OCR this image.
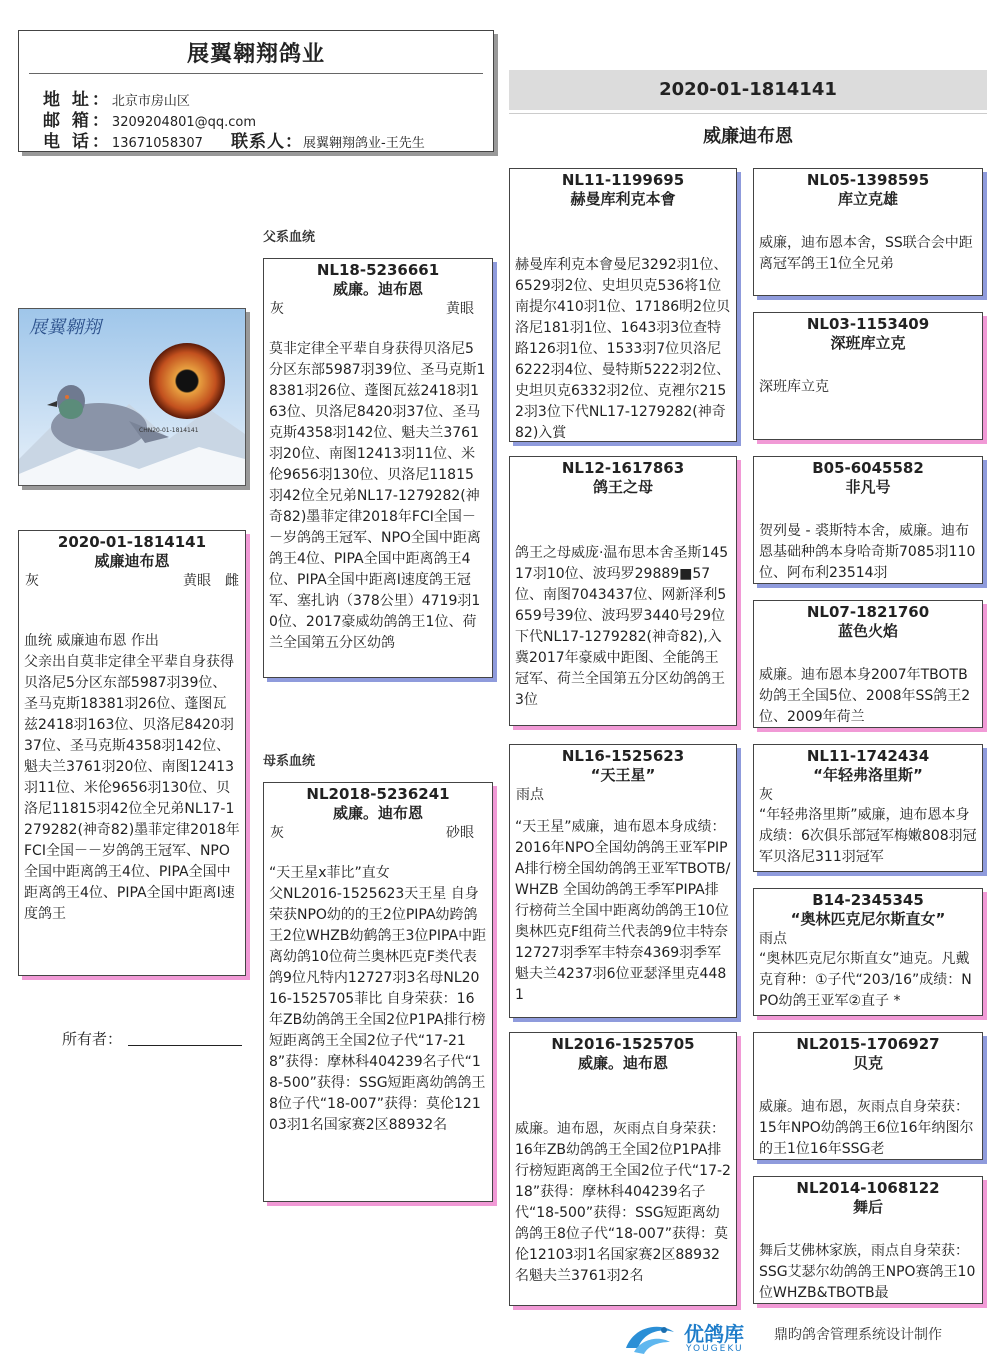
展翼翱翔鸽业
地 址：北京市房山区
邮 箱：3209204801@qq.com
电 话：13671058307 联系人：展翼翱翔鸽业-王先生
2020-01-1814141
威廉迪布恩
展翼翱翔
CHN20-01-1814141
2020-01-1814141
威廉迪布恩
灰	黄眼 雌
血统 威廉迪布恩 作出
父亲出自莫非定律全平辈自身获得贝洛尼5分区东部5987羽39位、圣马克斯18381羽26位、蓬图瓦兹2418羽163位、贝洛尼8420羽37位、圣马克斯4358羽142位、魁夫兰3761羽20位、南图12413羽11位、米伦9656羽130位、贝洛尼11815羽42位全兄弟NL17-1279282(神奇82)墨菲定律2018年FCI全国－－岁鸽鸽王冠军、NPO全国中距离鸽王4位、PIPA全国中距离鸽王4位、PIPA全国中距离I速度鸽王
所有者：
父系血统
母系血统
NL18-5236661
威廉。迪布恩
灰	黄眼
莫非定律全平辈自身获得贝洛尼5分区东部5987羽39位、圣马克斯18381羽26位、蓬图瓦兹2418羽163位、贝洛尼8420羽37位、圣马克斯4358羽142位、魁夫兰3761羽20位、南图12413羽11位、米伦9656羽130位、贝洛尼11815羽42位全兄弟NL17-1279282(神奇82)墨菲定律2018年FCI全国－－岁鸽鸽王冠军、NPO全国中距离鸽王4位、PIPA全国中距离鸽王4位、PIPA全国中距离I速度鸽王冠军、塞扎讷（378公里）4719羽10位、2017豪威幼鸽鸽王1位、荷兰全国第五分区幼鸽
NL2018-5236241
威廉。迪布恩
灰	砂眼
“天王星x菲比”直女
父NL2016-1525623天王星 自身荣获NPO幼的的王2位PIPA幼跨鸽王2位WHZB幼鹤鸽王3位PIPA中距离幼鸽10位荷兰奥林匹克F类代表鸽9位凡特内12727羽3名母NL2016-1525705菲比 自身荣获：16年ZB幼鸽鸽王全国2位P1PA排行榜短距离鸽王全国2位子代“17-218”获得：摩林科404239名子代“18-500”获得：SSG短距离幼鸽鸽王8位子代“18-007”获得：莫伦12103羽1名国家赛2区88932名
NL11-1199695
赫曼库利克本會
赫曼库利克本會曼尼3292羽1位、6529羽2位、史坦贝克536将1位南提尔410羽1位、17186明2位贝洛尼181羽1位、1643羽3位查特路126羽1位、1533羽7位贝洛尼 6222羽4位、曼特斯5222羽2位、史坦贝克6332羽2位、克裡尔2152羽3位下代NL17-1279282(神奇82)入賞
NL12-1617863
鸽王之母
鸽王之母威庞·温布思本舍圣斯14517羽10位、波玛罗29889■57位、南图7043437位、网新泽利5659号39位、波玛罗3440号29位下代NL17-1279282(神奇82),入冀2017年豪威中距图、全能鸽王冠军、荷兰全国第五分区幼鸽鸽王3位
NL16-1525623
“天王星”
雨点
“天王星”威廉，迪布恩本身成绩：2016年NPO全国幼鸽鸽王亚军PIPA排行榜全国幼鸽鸽王亚军TBOTB/WHZB 全国幼鸽鸽王季军PIPA排行榜荷兰全国中距离幼鸽鸽王10位奥林匹克F组荷兰代表鸽9位丰特奈 12727羽季军丰特奈4369羽季军魁夫兰4237羽6位亚瑟泽里克4481
NL2016-1525705
威廉。迪布恩
威廉。迪布恩，灰雨点自身荣获：16年ZB幼鸽鸽王全国2位P1PA排行榜短距离鸽王全国2位子代“17-218”获得：摩林科404239名子代“18-500”获得：SSG短距离幼鸽鸽王8位子代“18-007”获得：莫伦12103羽1名国家赛2区88932名魁夫兰3761羽2名
NL05-1398595
库立克雄
威廉，迪布恩本舍，SS联合会中距离冠军鸽王1位全兄弟
NL03-1153409
深班库立克
深班库立克
B05-6045582
非凡号
贺列曼 - 裘斯特本舍，威廉。迪布恩基础种鸽本身哈奇斯7085羽110位、阿布利23514羽
NL07-1821760
蓝色火焰
威廉。迪布恩本身2007年TBOTB幼鸽王全国5位、2008年SS鸽王2位、2009年荷兰
NL11-1742434
“年轻弗洛里斯”
灰
“年轻弗洛里斯”威廉，迪布恩本身成绩：6次俱乐部冠军梅嫩808羽冠军贝洛尼311羽冠军
B14-2345345
“奥林匹克尼尔斯直女”
雨点
“奥林匹克尼尔斯直女”迪克。凡戴克育种：①子代“203/16”成绩：NPO幼鸽王亚军②直子 *
NL2015-1706927
贝克
威廉。迪布恩，灰雨点自身荣获：15年NPO幼鸽鸽王6位16年纳图尔的王1位16年SSG老
NL2014-1068122
舞后
舞后艾佛林家族，雨点自身荣获：SSG艾瑟尔幼鸽鸽王NPO赛鸽王10位WHZB&TBOTB最
优鸽库
YOUGEKU
鼎昀鸽舍管理系统设计制作
